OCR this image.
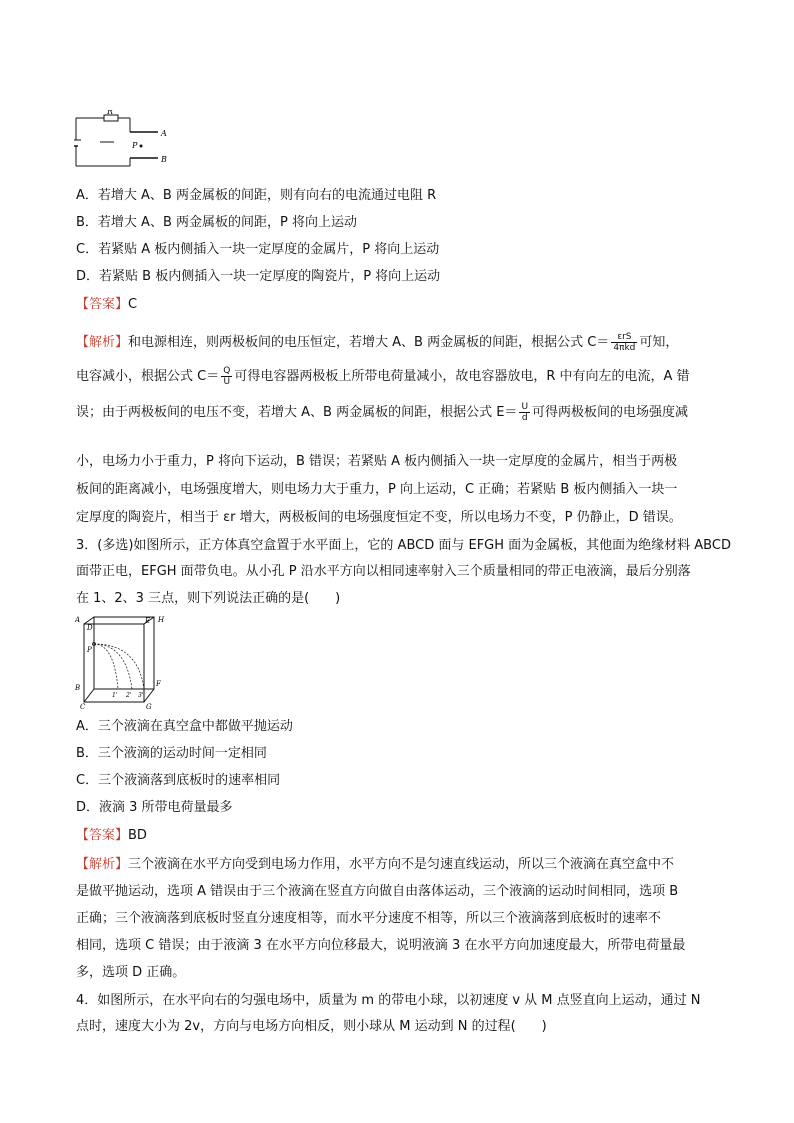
R
A
P
B
A．若增大 A、B 两金属板的间距，则有向右的电流通过电阻 R
B．若增大 A、B 两金属板的间距，P 将向上运动
C．若紧贴 A 板内侧插入一块一定厚度的金属片，P 将向上运动
D．若紧贴 B 板内侧插入一块一定厚度的陶瓷片，P 将向上运动
【答案】C
【解析】和电源相连，则两极板间的电压恒定，若增大 A、B 两金属板的间距，根据公式 $C= \frac{\text{εrS}}{\text{4πkd}}$ 可知，
电容减小，根据公式 $C= \frac{Q}{U}$ 可得电容器两极板上所带电荷量减小，故电容器放电，R 中有向左的电流，A 错
误；由于两极板间的电压不变，若增大 A、B 两金属板的间距，根据公式 $E= \frac{U}{d}$ 可得两极板间的电场强度减
小，电场力小于重力，P 将向下运动，B 错误；若紧贴 A 板内侧插入一块一定厚度的金属片，相当于两极
板间的距离减小，电场强度增大，则电场力大于重力，P 向上运动，C 正确；若紧贴 B 板内侧插入一块一
定厚度的陶瓷片，相当于 εr 增大，两极板间的电场强度恒定不变，所以电场力不变，P 仍静止，D 错误。
3．(多选)如图所示，正方体真空盒置于水平面上，它的 ABCD 面与 EFGH 面为金属板，其他面为绝缘材料 ABCD
面带正电，EFGH 面带负电。从小孔 P 沿水平方向以相同速率射入三个质量相同的带正电液滴，最后分别落
在 1、2、3 三点，则下列说法正确的是(　　)
A
D
E H
P
B
C
F
G
1' 2' 3'
A．三个液滴在真空盒中都做平抛运动
B．三个液滴的运动时间一定相同
C．三个液滴落到底板时的速率相同
D．液滴 3 所带电荷量最多
【答案】BD
【解析】三个液滴在水平方向受到电场力作用，水平方向不是匀速直线运动，所以三个液滴在真空盒中不
是做平抛运动，选项 A 错误由于三个液滴在竖直方向做自由落体运动，三个液滴的运动时间相同，选项 B
正确；三个液滴落到底板时竖直分速度相等，而水平分速度不相等，所以三个液滴落到底板时的速率不
相同，选项 C 错误；由于液滴 3 在水平方向位移最大，说明液滴 3 在水平方向加速度最大，所带电荷量最
多，选项 D 正确。
4．如图所示，在水平向右的匀强电场中，质量为 m 的带电小球，以初速度 v 从 M 点竖直向上运动，通过 N
点时，速度大小为 2v，方向与电场方向相反，则小球从 M 运动到 N 的过程(　　)
